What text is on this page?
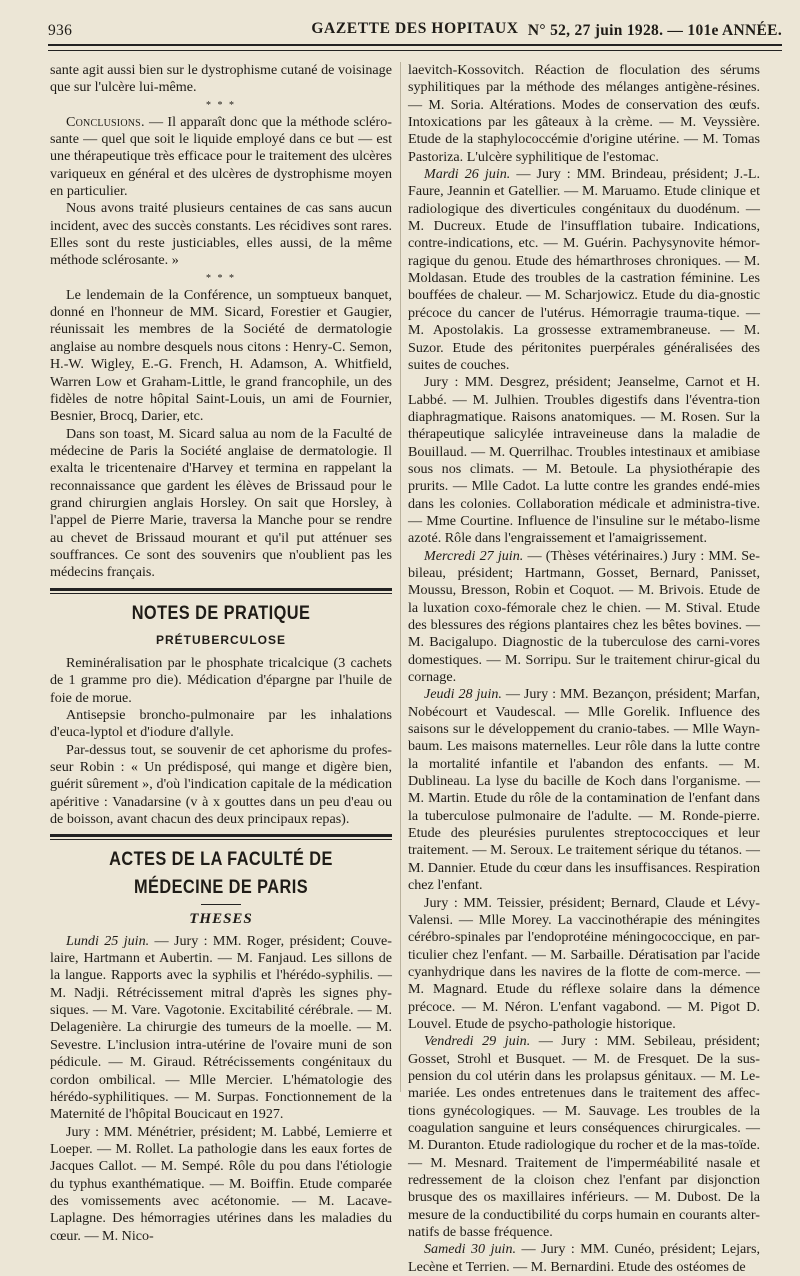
936	GAZETTE DES HOPITAUX N° 52, 27 juin 1928. — 101e ANNÉE.

sante agit aussi bien sur le dystrophisme cutané de voisinage que sur l'ulcère lui-même.

* * *

Conclusions. — Il apparaît donc que la méthode scléro-sante — quel que soit le liquide employé dans ce but — est une thérapeutique très efficace pour le traitement des ulcères variqueux en général et des ulcères de dystrophisme moyen en particulier.

Nous avons traité plusieurs centaines de cas sans aucun incident, avec des succès constants. Les récidives sont rares. Elles sont du reste justiciables, elles aussi, de la même méthode sclérosante. »

* * *

Le lendemain de la Conférence, un somptueux banquet, donné en l'honneur de MM. Sicard, Forestier et Gaugier, réunissait les membres de la Société de dermatologie anglaise au nombre desquels nous citons : Henry-C. Semon, H.-W. Wigley, E.-G. French, H. Adamson, A. Whitfield, Warren Low et Graham-Little, le grand francophile, un des fidèles de notre hôpital Saint-Louis, un ami de Fournier, Besnier, Brocq, Darier, etc.

Dans son toast, M. Sicard salua au nom de la Faculté de médecine de Paris la Société anglaise de dermatologie. Il exalta le tricentenaire d'Harvey et termina en rappelant la reconnaissance que gardent les élèves de Brissaud pour le grand chirurgien anglais Horsley. On sait que Horsley, à l'appel de Pierre Marie, traversa la Manche pour se rendre au chevet de Brissaud mourant et qu'il put atténuer ses souffrances. Ce sont des souvenirs que n'oublient pas les médecins français.

NOTES DE PRATIQUE
PRÉTUBERCULOSE

Reminéralisation par le phosphate tricalcique (3 cachets de 1 gramme pro die). Médication d'épargne par l'huile de foie de morue.

Antisepsie broncho-pulmonaire par les inhalations d'euca-lyptol et d'iodure d'allyle.

Par-dessus tout, se souvenir de cet aphorisme du profes-seur Robin : « Un prédisposé, qui mange et digère bien, guérit sûrement », d'où l'indication capitale de la médication apéritive : Vanadarsine (v à x gouttes dans un peu d'eau ou de boisson, avant chacun des deux principaux repas).

ACTES DE LA FACULTÉ DE MÉDECINE DE PARIS
THESES

Lundi 25 juin. — Jury : MM. Roger, président; Couve-laire, Hartmann et Aubertin. — M. Fanjaud. Les sillons de la langue. Rapports avec la syphilis et l'hérédo-syphilis. — M. Nadji. Rétrécissement mitral d'après les signes phy-siques. — M. Vare. Vagotonie. Excitabilité cérébrale. — M. Delagenière. La chirurgie des tumeurs de la moelle. — M. Sevestre. L'inclusion intra-utérine de l'ovaire muni de son pédicule. — M. Giraud. Rétrécissements congénitaux du cordon ombilical. — Mlle Mercier. L'hématologie des hérédo-syphilitiques. — M. Surpas. Fonctionnement de la Maternité de l'hôpital Boucicaut en 1927.

Jury : MM. Ménétrier, président; M. Labbé, Lemierre et Loeper. — M. Rollet. La pathologie dans les eaux fortes de Jacques Callot. — M. Sempé. Rôle du pou dans l'étiologie du typhus exanthématique. — M. Boiffin. Etude comparée des vomissements avec acétonomie. — M. Lacave-Laplagne. Des hémorragies utérines dans les maladies du cœur. — M. Nico-

laevitch-Kossovitch. Réaction de floculation des sérums syphilitiques par la méthode des mélanges antigène-résines. — M. Soria. Altérations. Modes de conservation des œufs. Intoxications par les gâteaux à la crème. — M. Veyssière. Etude de la staphylococcémie d'origine utérine. — M. Tomas Pastoriza. L'ulcère syphilitique de l'estomac.

Mardi 26 juin. — Jury : MM. Brindeau, président; J.-L. Faure, Jeannin et Gatellier. — M. Maruamo. Etude clinique et radiologique des diverticules congénitaux du duodénum. — M. Ducreux. Etude de l'insufflation tubaire. Indications, contre-indications, etc. — M. Guérin. Pachysynovite hémor-ragique du genou. Etude des hémarthroses chroniques. — M. Moldasan. Etude des troubles de la castration féminine. Les bouffées de chaleur. — M. Scharjowicz. Etude du dia-gnostic précoce du cancer de l'utérus. Hémorragie trauma-tique. — M. Apostolakis. La grossesse extramembraneuse. — M. Suzor. Etude des péritonites puerpérales généralisées des suites de couches.

Jury : MM. Desgrez, président; Jeanselme, Carnot et H. Labbé. — M. Julhien. Troubles digestifs dans l'éventra-tion diaphragmatique. Raisons anatomiques. — M. Rosen. Sur la thérapeutique salicylée intraveineuse dans la maladie de Bouillaud. — M. Querrilhac. Troubles intestinaux et amibiase sous nos climats. — M. Betoule. La physiothérapie des prurits. — Mlle Cadot. La lutte contre les grandes endé-mies dans les colonies. Collaboration médicale et administra-tive. — Mme Courtine. Influence de l'insuline sur le métabo-lisme azoté. Rôle dans l'engraissement et l'amaigrissement.

Mercredi 27 juin. — (Thèses vétérinaires.) Jury : MM. Se-bileau, président; Hartmann, Gosset, Bernard, Panisset, Moussu, Bresson, Robin et Coquot. — M. Brivois. Etude de la luxation coxo-fémorale chez le chien. — M. Stival. Etude des blessures des régions plantaires chez les bêtes bovines. — M. Bacigalupo. Diagnostic de la tuberculose des carni-vores domestiques. — M. Sorripu. Sur le traitement chirur-gical du cornage.

Jeudi 28 juin. — Jury : MM. Bezançon, président; Marfan, Nobécourt et Vaudescal. — Mlle Gorelik. Influence des saisons sur le développement du cranio-tabes. — Mlle Wayn-baum. Les maisons maternelles. Leur rôle dans la lutte contre la mortalité infantile et l'abandon des enfants. — M. Dublineau. La lyse du bacille de Koch dans l'organisme. — M. Martin. Etude du rôle de la contamination de l'enfant dans la tuberculose pulmonaire de l'adulte. — M. Ronde-pierre. Etude des pleurésies purulentes streptococciques et leur traitement. — M. Seroux. Le traitement sérique du tétanos. — M. Dannier. Etude du cœur dans les insuffisances. Respiration chez l'enfant.

Jury : MM. Teissier, président; Bernard, Claude et Lévy-Valensi. — Mlle Morey. La vaccinothérapie des méningites cérébro-spinales par l'endoprotéine méningococcique, en par-ticulier chez l'enfant. — M. Sarbaille. Dératisation par l'acide cyanhydrique dans les navires de la flotte de com-merce. — M. Magnard. Etude du réflexe solaire dans la démence précoce. — M. Néron. L'enfant vagabond. — M. Pigot D. Louvel. Etude de psycho-pathologie historique.

Vendredi 29 juin. — Jury : MM. Sebileau, président; Gosset, Strohl et Busquet. — M. de Fresquet. De la sus-pension du col utérin dans les prolapsus génitaux. — M. Le-mariée. Les ondes entretenues dans le traitement des affec-tions gynécologiques. — M. Sauvage. Les troubles de la coagulation sanguine et leurs conséquences chirurgicales. — M. Duranton. Etude radiologique du rocher et de la mas-toïde. — M. Mesnard. Traitement de l'imperméabilité nasale et redressement de la cloison chez l'enfant par disjonction brusque des os maxillaires inférieurs. — M. Dubost. De la mesure de la conductibilité du corps humain en courants alter-natifs de basse fréquence.

Samedi 30 juin. — Jury : MM. Cunéo, président; Lejars, Lecène et Terrien. — M. Bernardini. Etude des ostéomes de
